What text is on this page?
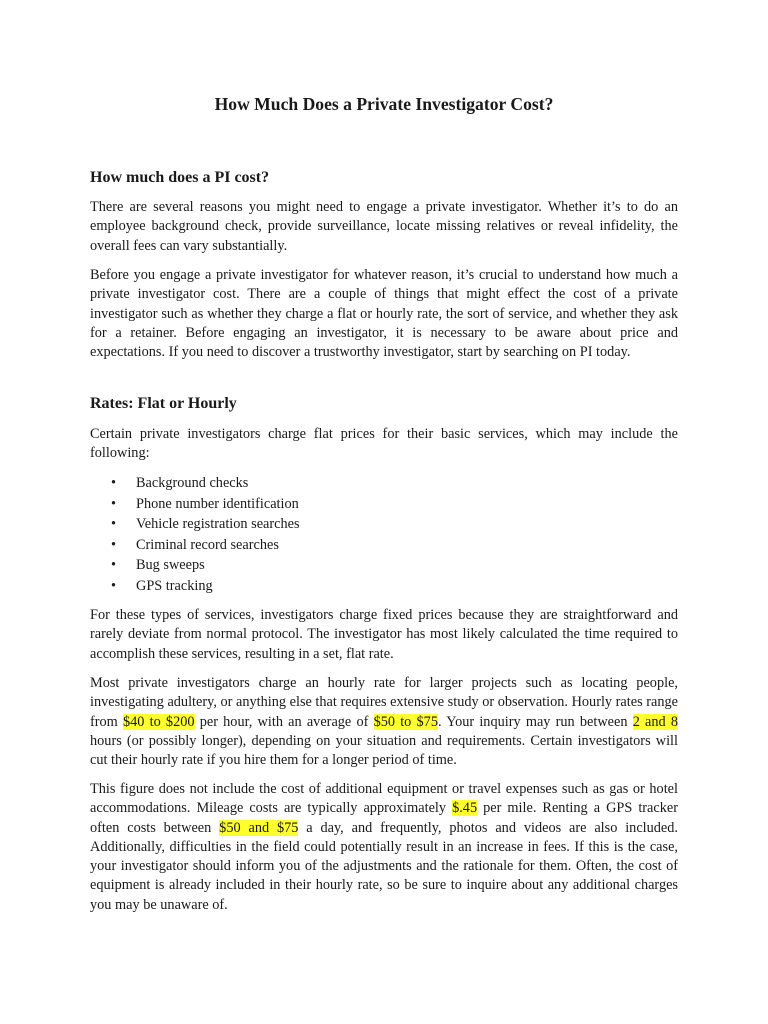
How Much Does a Private Investigator Cost?
How much does a PI cost?

There are several reasons you might need to engage a private investigator. Whether it’s to do an employee background check, provide surveillance, locate missing relatives or reveal infidelity, the overall fees can vary substantially.

Before you engage a private investigator for whatever reason, it’s crucial to understand how much a private investigator cost. There are a couple of things that might effect the cost of a private investigator such as whether they charge a flat or hourly rate, the sort of service, and whether they ask for a retainer. Before engaging an investigator, it is necessary to be aware about price and expectations. If you need to discover a trustworthy investigator, start by searching on PI today.

Rates: Flat or Hourly

Certain private investigators charge flat prices for their basic services, which may include the following:

• Background checks
• Phone number identification
• Vehicle registration searches
• Criminal record searches
• Bug sweeps
• GPS tracking

For these types of services, investigators charge fixed prices because they are straightforward and rarely deviate from normal protocol. The investigator has most likely calculated the time required to accomplish these services, resulting in a set, flat rate.

Most private investigators charge an hourly rate for larger projects such as locating people, investigating adultery, or anything else that requires extensive study or observation. Hourly rates range from $40 to $200 per hour, with an average of $50 to $75. Your inquiry may run between 2 and 8 hours (or possibly longer), depending on your situation and requirements. Certain investigators will cut their hourly rate if you hire them for a longer period of time.

This figure does not include the cost of additional equipment or travel expenses such as gas or hotel accommodations. Mileage costs are typically approximately $.45 per mile. Renting a GPS tracker often costs between $50 and $75 a day, and frequently, photos and videos are also included. Additionally, difficulties in the field could potentially result in an increase in fees. If this is the case, your investigator should inform you of the adjustments and the rationale for them. Often, the cost of equipment is already included in their hourly rate, so be sure to inquire about any additional charges you may be unaware of.
